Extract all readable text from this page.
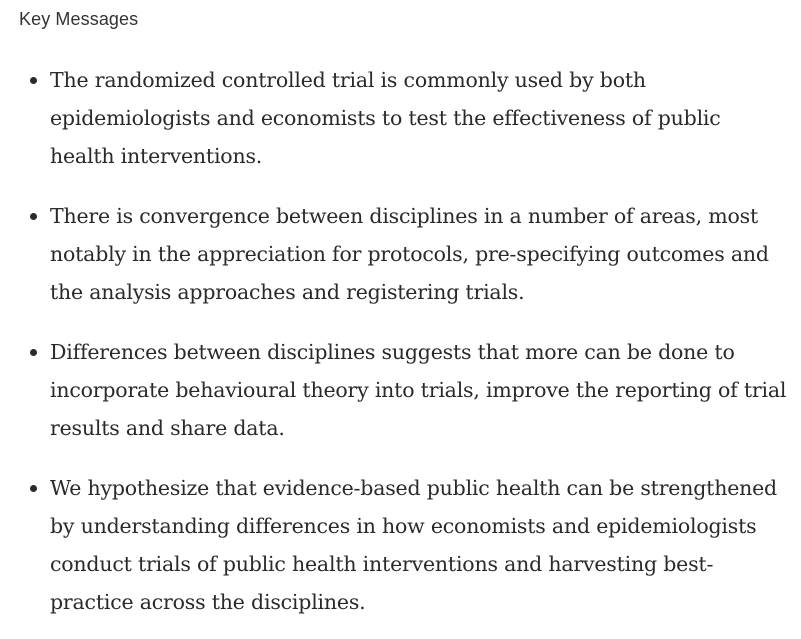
Key Messages
The randomized controlled trial is commonly used by both epidemiologists and economists to test the effectiveness of public health interventions.
There is convergence between disciplines in a number of areas, most notably in the appreciation for protocols, pre-specifying outcomes and the analysis approaches and registering trials.
Differences between disciplines suggests that more can be done to incorporate behavioural theory into trials, improve the reporting of trial results and share data.
We hypothesize that evidence-based public health can be strengthened by understanding differences in how economists and epidemiologists conduct trials of public health interventions and harvesting best-practice across the disciplines.
